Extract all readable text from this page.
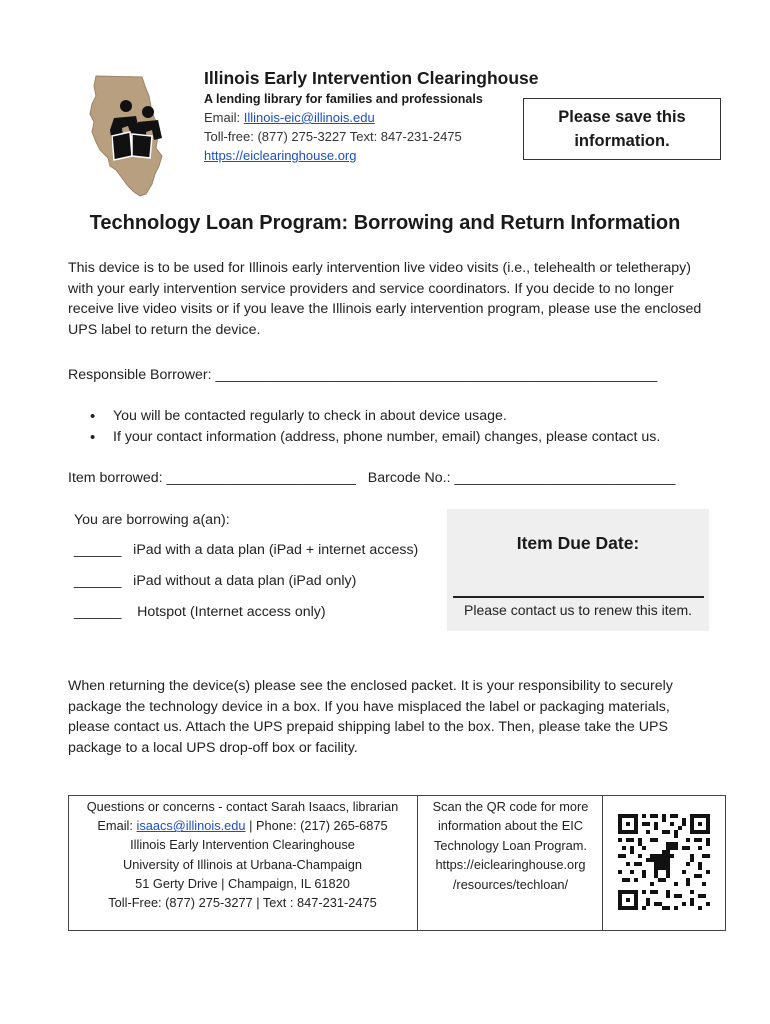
Illinois Early Intervention Clearinghouse
A lending library for families and professionals
Email: Illinois-eic@illinois.edu
Toll-free: (877) 275-3227 Text: 847-231-2475
https://eiclearinghouse.org
Please save this information.
Technology Loan Program: Borrowing and Return Information
This device is to be used for Illinois early intervention live video visits (i.e., telehealth or teletherapy) with your early intervention service providers and service coordinators. If you decide to no longer receive live video visits or if you leave the Illinois early intervention program, please use the enclosed UPS label to return the device.
Responsible Borrower: ________________________________________________________
• You will be contacted regularly to check in about device usage.
• If your contact information (address, phone number, email) changes, please contact us.
Item borrowed: ________________________   Barcode No.: ____________________________
You are borrowing a(an):
______   iPad with a data plan (iPad + internet access)
______   iPad without a data plan (iPad only)
______    Hotspot (Internet access only)
Item Due Date:
Please contact us to renew this item.
When returning the device(s) please see the enclosed packet. It is your responsibility to securely package the technology device in a box. If you have misplaced the label or packaging materials, please contact us. Attach the UPS prepaid shipping label to the box. Then, please take the UPS package to a local UPS drop-off box or facility.
Questions or concerns - contact Sarah Isaacs, librarian
Email: isaacs@illinois.edu | Phone: (217) 265-6875
Illinois Early Intervention Clearinghouse
University of Illinois at Urbana-Champaign
51 Gerty Drive | Champaign, IL 61820
Toll-Free: (877) 275-3277 | Text : 847-231-2475
Scan the QR code for more
information about the EIC
Technology Loan Program.
https://eiclearinghouse.org
/resources/techloan/
